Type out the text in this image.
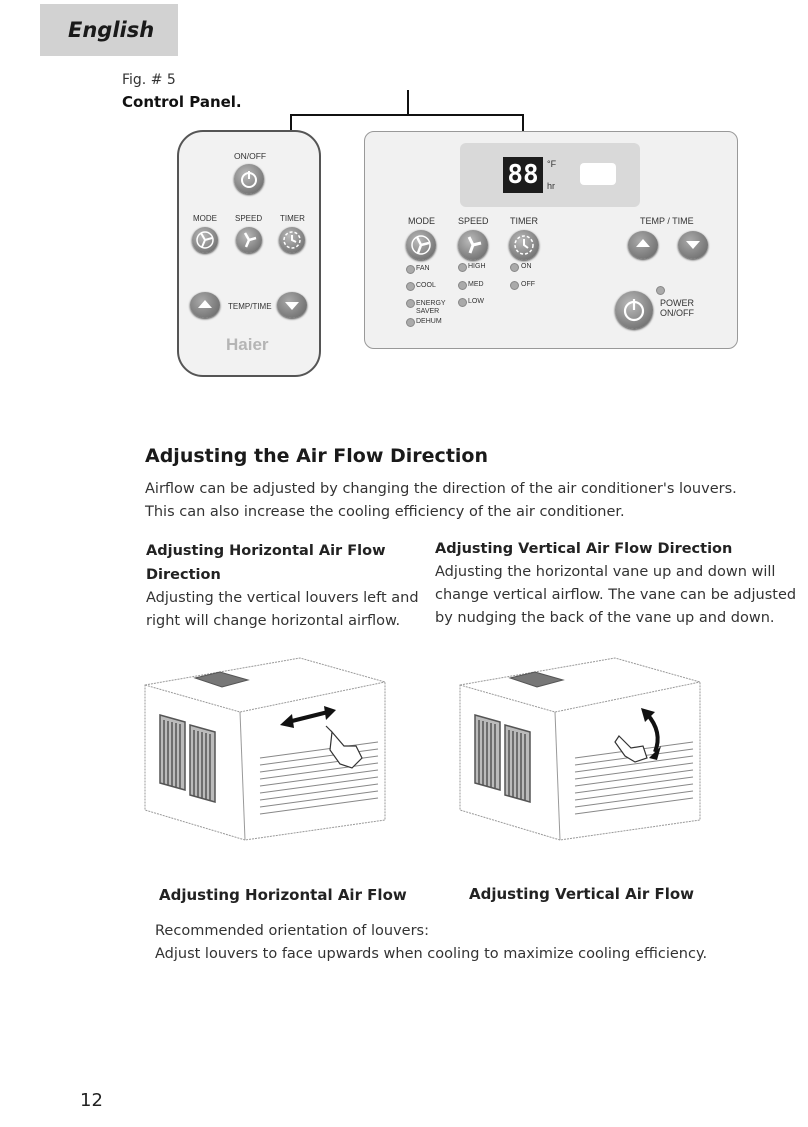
English
Fig. # 5
Control Panel.
ON/OFF
MODE SPEED TIMER
TEMP/TIME
Haier
88 °F
hr
MODE	SPEED TIMER	TEMP / TIME
FAN
COOL
ENERGY SAVER
DEHUM
HIGH
MED
LOW
ON
OFF
POWER
ON/OFF
Adjusting the Air Flow Direction
Airflow can be adjusted by changing the direction of the air conditioner's louvers.
This can also increase the cooling efficiency of the air conditioner.
Adjusting Horizontal Air Flow
Direction
Adjusting the vertical louvers left and
right will change horizontal airflow.
Adjusting Vertical Air Flow Direction
Adjusting the horizontal vane up and down will
change vertical airflow. The vane can be adjusted
by nudging the back of the vane up and down.
Adjusting Horizontal Air Flow	Adjusting Vertical Air Flow
Recommended orientation of louvers:
Adjust louvers to face upwards when cooling to maximize cooling efficiency.
12
